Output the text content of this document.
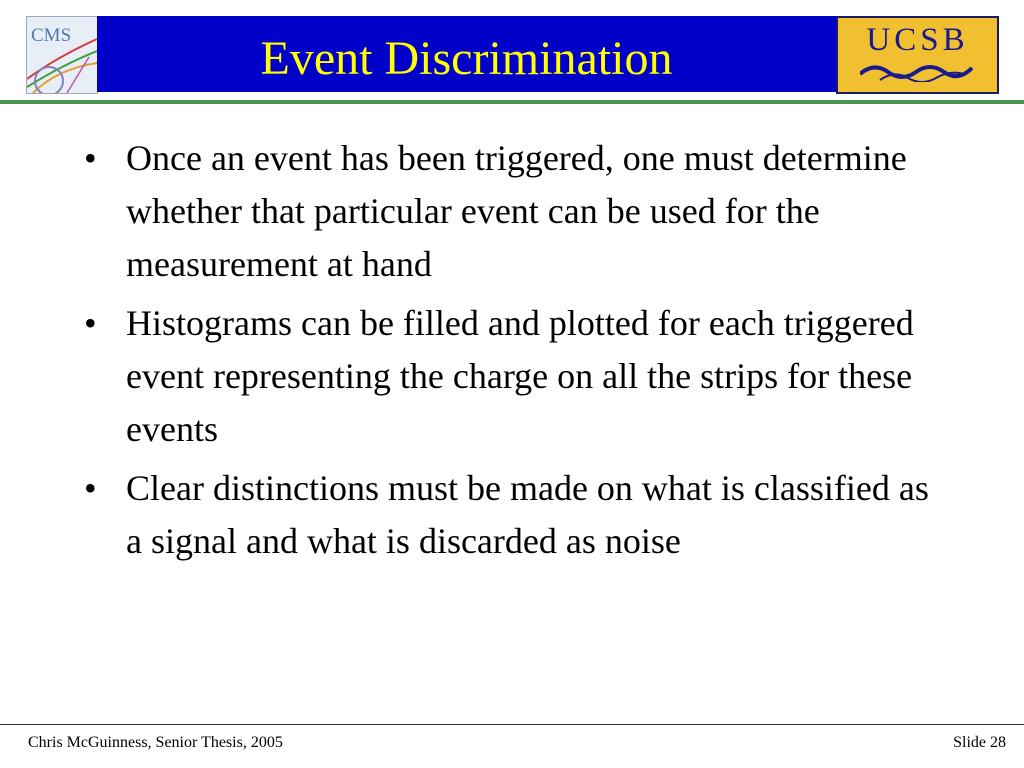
CMS	Event Discrimination	UCSB
• Once an event has been triggered, one must determine whether that particular event can be used for the measurement at hand
• Histograms can be filled and plotted for each triggered event representing the charge on all the strips for these events
• Clear distinctions must be made on what is classified as a signal and what is discarded as noise
Chris McGuinness, Senior Thesis, 2005	Slide 28
